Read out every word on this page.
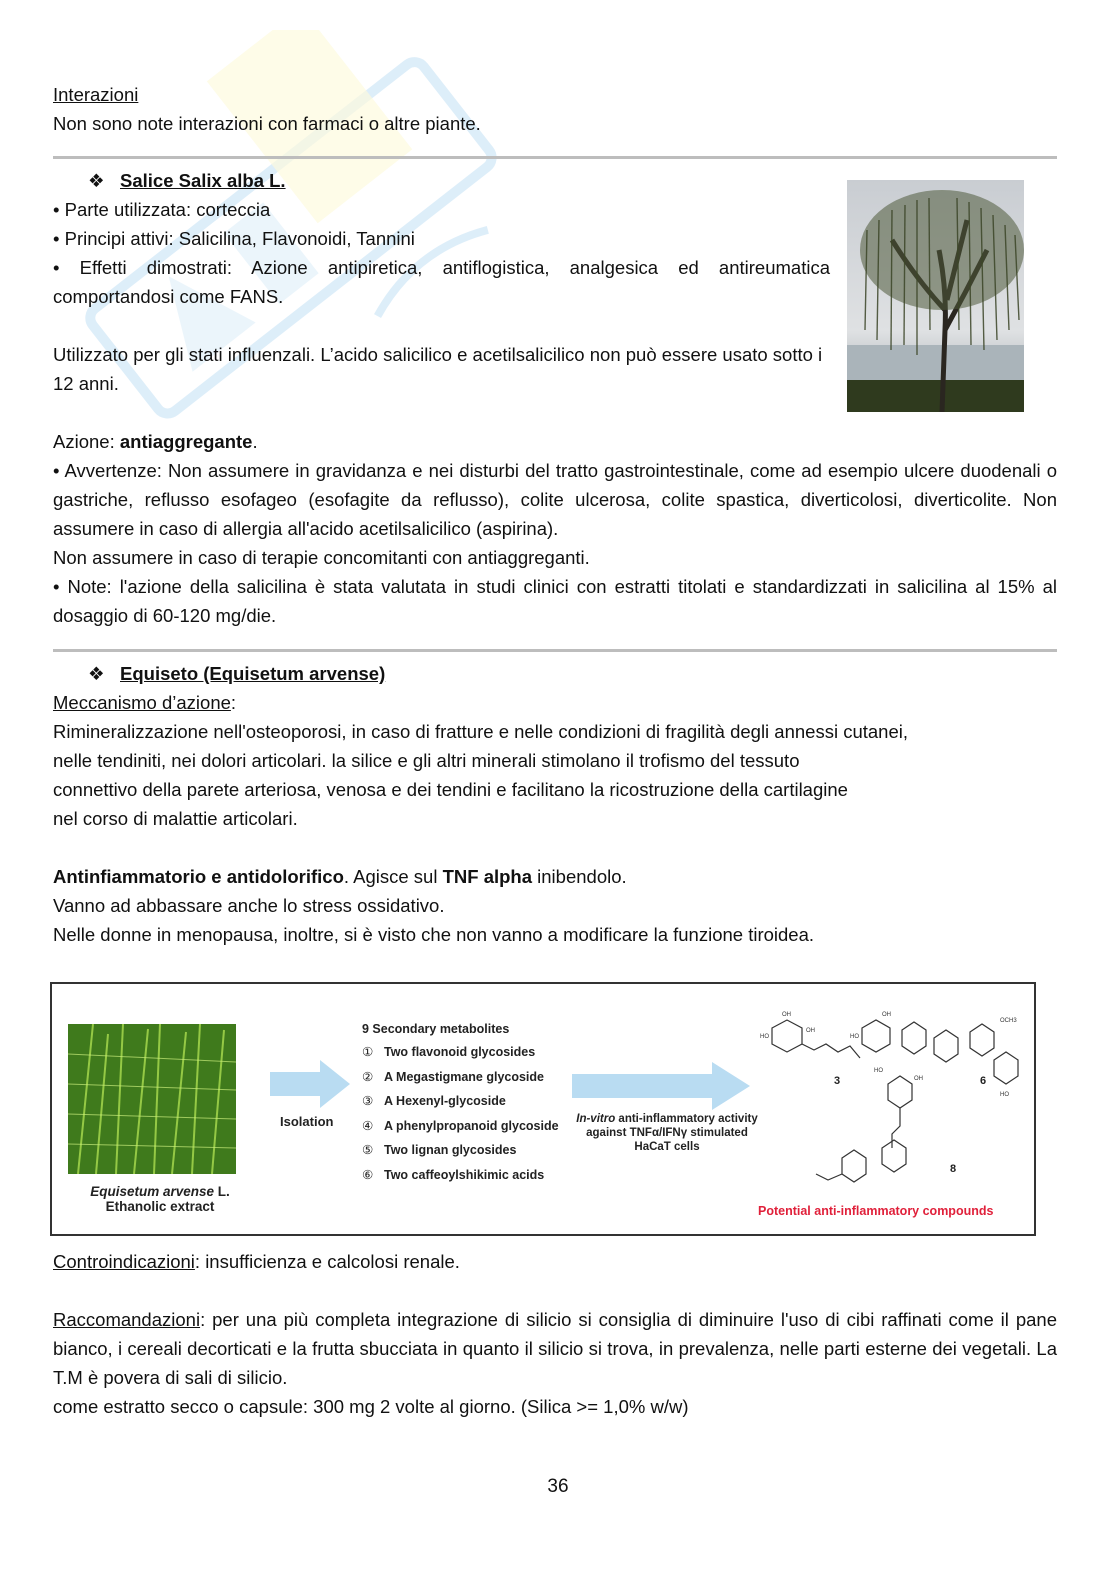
Interazioni
Non sono note interazioni con farmaci o altre piante.
❖ Salice Salix alba L.
• Parte utilizzata: corteccia
• Principi attivi: Salicilina, Flavonoidi, Tannini
• Effetti dimostrati: Azione antipiretica, antiflogistica, analgesica ed antireumatica comportandosi come FANS.
Utilizzato per gli stati influenzali. L’acido salicilico e acetilsalicilico non può essere usato sotto i 12 anni.
Azione: antiaggregante.
• Avvertenze: Non assumere in gravidanza e nei disturbi del tratto gastrointestinale, come ad esempio ulcere duodenali o gastriche, reflusso esofageo (esofagite da reflusso), colite ulcerosa, colite spastica, diverticolosi, diverticolite. Non assumere in caso di allergia all'acido acetilsalicilico (aspirina).
Non assumere in caso di terapie concomitanti con antiaggreganti.
• Note: l'azione della salicilina è stata valutata in studi clinici con estratti titolati e standardizzati in salicilina al 15% al dosaggio di 60-120 mg/die.
❖ Equiseto (Equisetum arvense)
Meccanismo d’azione:
Rimineralizzazione nell'osteoporosi, in caso di fratture e nelle condizioni di fragilità degli annessi cutanei,
nelle tendiniti, nei dolori articolari. la silice e gli altri minerali stimolano il trofismo del tessuto
connettivo della parete arteriosa, venosa e dei tendini e facilitano la ricostruzione della cartilagine
nel corso di malattie articolari.
Antinfiammatorio e antidolorifico. Agisce sul TNF alpha inibendolo.
Vanno ad abbassare anche lo stress ossidativo.
Nelle donne in menopausa, inoltre, si è visto che non vanno a modificare la funzione tiroidea.
Equisetum arvense L.
Ethanolic extract
Isolation
9 Secondary metabolites
① Two flavonoid glycosides
② A Megastigmane glycoside
③ A Hexenyl-glycoside
④ A phenylpropanoid glycoside
⑤ Two lignan glycosides
⑥ Two caffeoylshikimic acids
In-vitro anti-inflammatory activity
against TNFα/IFNγ stimulated
HaCaT cells
HO
OH
OH
HO
OH
OCH3
HO
OH
HO
3	6
8
Potential anti-inflammatory compounds
Controindicazioni: insufficienza e calcolosi renale.
Raccomandazioni: per una più completa integrazione di silicio si consiglia di diminuire l'uso di cibi raffinati come il pane bianco, i cereali decorticati e la frutta sbucciata in quanto il silicio si trova, in prevalenza, nelle parti esterne dei vegetali. La T.M è povera di sali di silicio.
come estratto secco o capsule: 300 mg 2 volte al giorno. (Silica >= 1,0% w/w)
36
